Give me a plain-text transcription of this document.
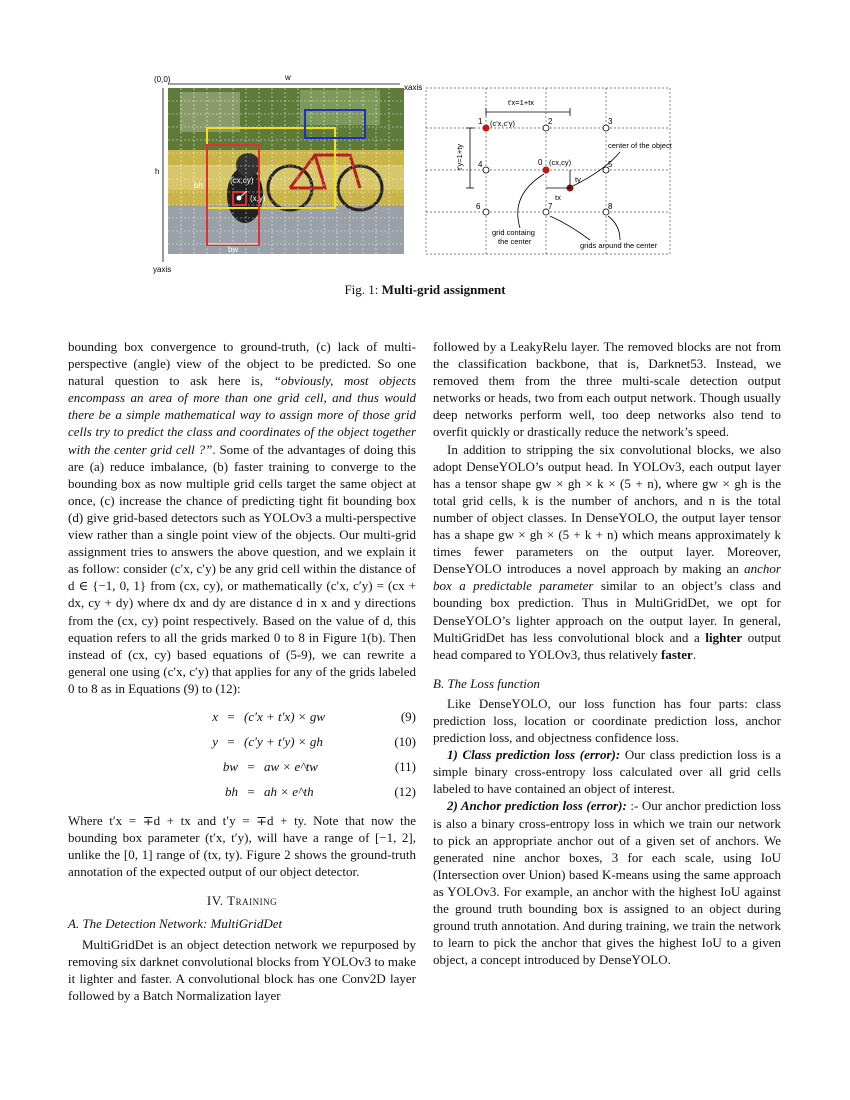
(0,0)	w
h
yaxis
bh
bw
(cx,cy)
(x,y)
xaxis
1	2	3
4	0	5
6	7	8
(c'x,c'y)
(cx,cy)
t'x=1+tx
t'y=1+ty
ty
tx
center of the object
grid containg
the center	grids around the center
Fig. 1: Multi-grid assignment

bounding box convergence to ground-truth, (c) lack of multi-perspective (angle) view of the object to be predicted. So one natural question to ask here is, “obviously, most objects encompass an area of more than one grid cell, and thus would there be a simple mathematical way to assign more of those grid cells try to predict the class and coordinates of the object together with the center grid cell ?”. Some of the advantages of doing this are (a) reduce imbalance, (b) faster training to converge to the bounding box as now multiple grid cells target the same object at once, (c) increase the chance of predicting tight fit bounding box (d) give grid-based detectors such as YOLOv3 a multi-perspective view rather than a single point view of the objects. Our multi-grid assignment tries to answers the above question, and we explain it as follow: consider (c′x, c′y) be any grid cell within the distance of d ∈ {−1, 0, 1} from (cx, cy), or mathematically (c′x, c′y) = (cx + dx, cy + dy) where dx and dy are distance d in x and y directions from the (cx, cy) point respectively. Based on the value of d, this equation refers to all the grids marked 0 to 8 in Figure 1(b). Then instead of (cx, cy) based equations of (5-9), we can rewrite a general one using (c′x, c′y) that applies for any of the grids labeled 0 to 8 as in Equations (9) to (12):

x = (c′x + t′x) × gw	(9)
y = (c′y + t′y) × gh	(10)
bw = aw × e^tw	(11)
bh = ah × e^th	(12)

Where t′x = ∓d + tx and t′y = ∓d + ty. Note that now the bounding box parameter (t′x, t′y), will have a range of [−1, 2], unlike the [0, 1] range of (tx, ty). Figure 2 shows the ground-truth annotation of the expected output of our object detector.

IV. Training
A. The Detection Network: MultiGridDet

MultiGridDet is an object detection network we repurposed by removing six darknet convolutional blocks from YOLOv3 to make it lighter and faster. A convolutional block has one Conv2D layer followed by a Batch Normalization layer

followed by a LeakyRelu layer. The removed blocks are not from the classification backbone, that is, Darknet53. Instead, we removed them from the three multi-scale detection output networks or heads, two from each output network. Though usually deep networks perform well, too deep networks also tend to overfit quickly or drastically reduce the network’s speed.

In addition to stripping the six convolutional blocks, we also adopt DenseYOLO’s output head. In YOLOv3, each output layer has a tensor shape gw × gh × k × (5 + n), where gw × gh is the total grid cells, k is the number of anchors, and n is the total number of object classes. In DenseYOLO, the output layer tensor has a shape gw × gh × (5 + k + n) which means approximately k times fewer parameters on the output layer. Moreover, DenseYOLO introduces a novel approach by making an anchor box a predictable parameter similar to an object’s class and bounding box prediction. Thus in MultiGridDet, we opt for DenseYOLO’s lighter approach on the output layer. In general, MultiGridDet has less convolutional block and a lighter output head compared to YOLOv3, thus relatively faster.

B. The Loss function

Like DenseYOLO, our loss function has four parts: class prediction loss, location or coordinate prediction loss, anchor prediction loss, and objectness confidence loss.

1) Class prediction loss (error): Our class prediction loss is a simple binary cross-entropy loss calculated over all grid cells labeled to have contained an object of interest.

2) Anchor prediction loss (error): :- Our anchor prediction loss is also a binary cross-entropy loss in which we train our network to pick an appropriate anchor out of a given set of anchors. We generated nine anchor boxes, 3 for each scale, using IoU (Intersection over Union) based K-means using the same approach as YOLOv3. For example, an anchor with the highest IoU against the ground truth bounding box is assigned to an object during ground truth annotation. And during training, we train the network to learn to pick the anchor that gives the highest IoU to a given object, a concept introduced by DenseYOLO.
